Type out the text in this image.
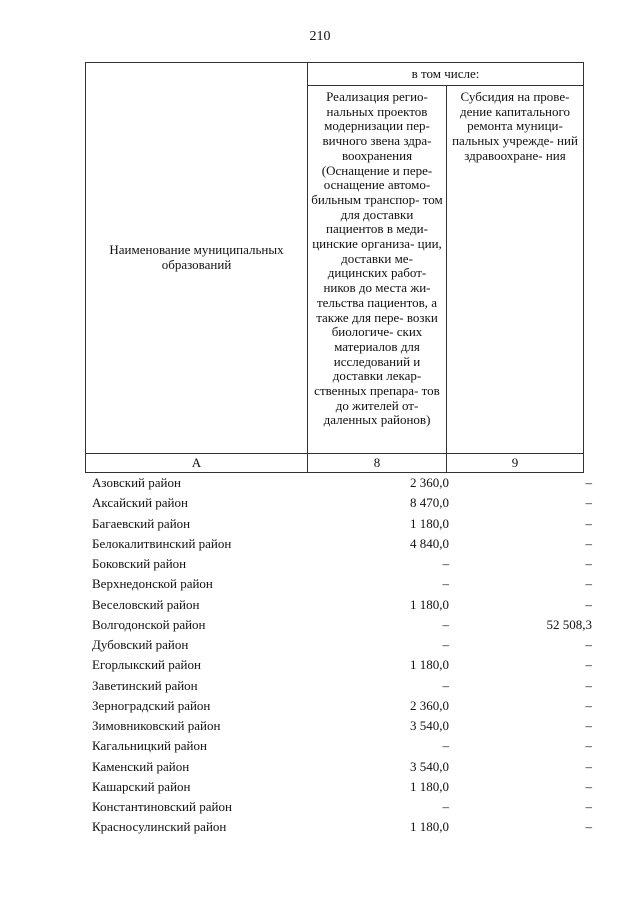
210
Наименование муниципальных образований	в том числе:	
	Реализация регио- нальных проектов модернизации пер- вичного звена здра- воохранения (Оснащение и пере- оснащение автомо- бильным транспор- том для доставки пациентов в меди- цинские организа- ции, доставки ме- дицинских работ- ников до места жи- тельства пациентов, а также для пере- возки биологиче- ских материалов для исследований и доставки лекар- ственных препара- тов до жителей от- даленных районов)	Субсидия на прове- дение капитального ремонта муници- пальных учрежде- ний здравоохране- ния
А	8	9
Азовский район	2 360,0	–
Аксайский район	8 470,0	–
Багаевский район	1 180,0	–
Белокалитвинский район	4 840,0	–
Боковский район	–	–
Верхнедонской район	–	–
Веселовский район	1 180,0	–
Волгодонской район	–	52 508,3
Дубовский район	–	–
Егорлыкский район	1 180,0	–
Заветинский район	–	–
Зерноградский район	2 360,0	–
Зимовниковский район	3 540,0	–
Кагальницкий район	–	–
Каменский район	3 540,0	–
Кашарский район	1 180,0	–
Константиновский район	–	–
Красносулинский район	1 180,0	–
